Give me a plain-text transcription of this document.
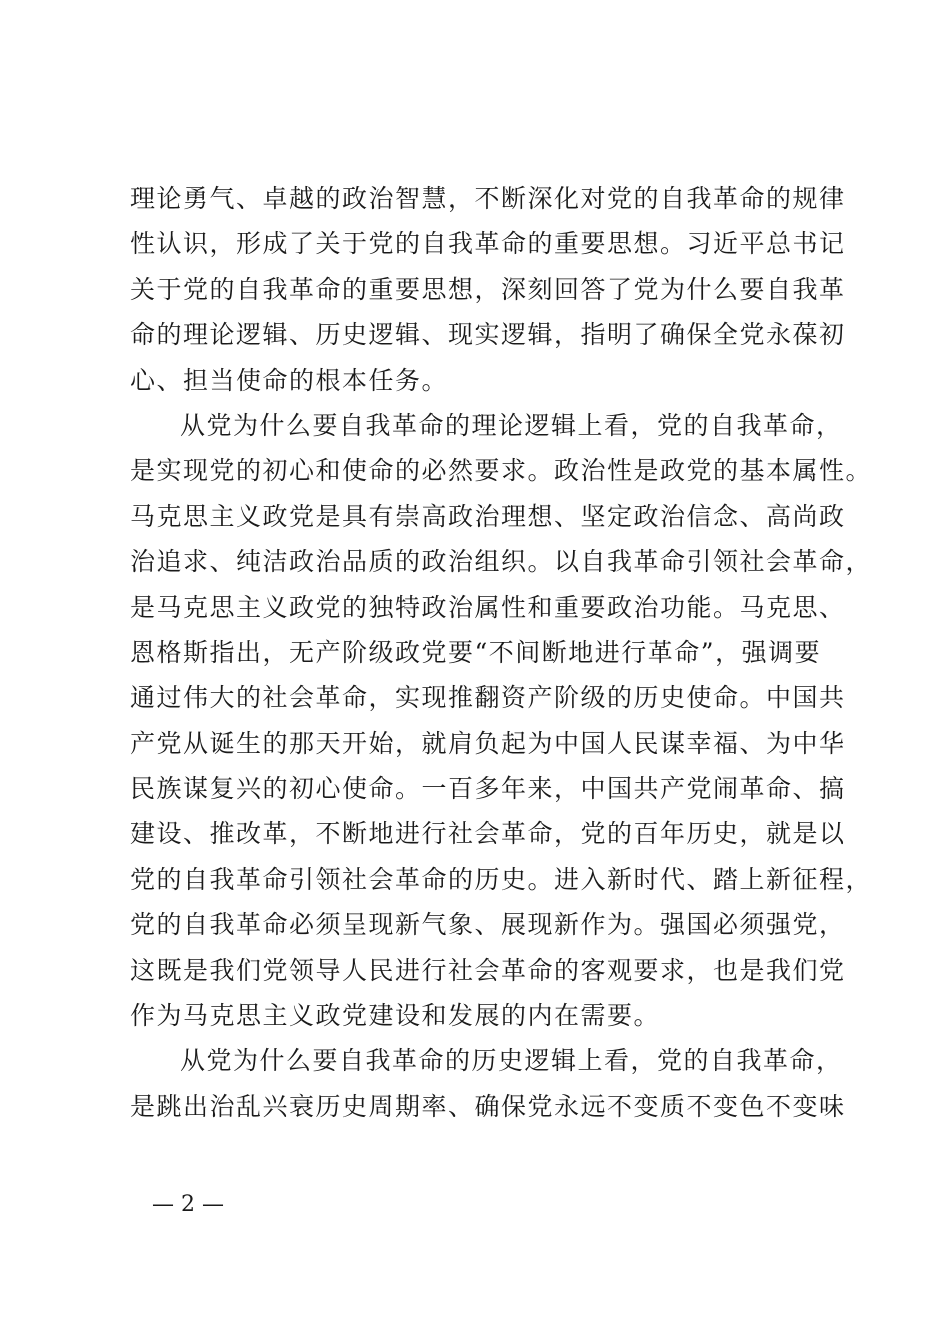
理论勇气、卓越的政治智慧，不断深化对党的自我革命的规律
性认识，形成了关于党的自我革命的重要思想。习近平总书记
关于党的自我革命的重要思想，深刻回答了党为什么要自我革
命的理论逻辑、历史逻辑、现实逻辑，指明了确保全党永葆初
心、担当使命的根本任务。
从党为什么要自我革命的理论逻辑上看，党的自我革命，
是实现党的初心和使命的必然要求。政治性是政党的基本属性。
马克思主义政党是具有崇高政治理想、坚定政治信念、高尚政
治追求、纯洁政治品质的政治组织。以自我革命引领社会革命，
是马克思主义政党的独特政治属性和重要政治功能。马克思、
恩格斯指出，无产阶级政党要“不间断地进行革命”，强调要
通过伟大的社会革命，实现推翻资产阶级的历史使命。中国共
产党从诞生的那天开始，就肩负起为中国人民谋幸福、为中华
民族谋复兴的初心使命。一百多年来，中国共产党闹革命、搞
建设、推改革，不断地进行社会革命，党的百年历史，就是以
党的自我革命引领社会革命的历史。进入新时代、踏上新征程，
党的自我革命必须呈现新气象、展现新作为。强国必须强党，
这既是我们党领导人民进行社会革命的客观要求，也是我们党
作为马克思主义政党建设和发展的内在需要。
从党为什么要自我革命的历史逻辑上看，党的自我革命，
是跳出治乱兴衰历史周期率、确保党永远不变质不变色不变味
— 2 —
